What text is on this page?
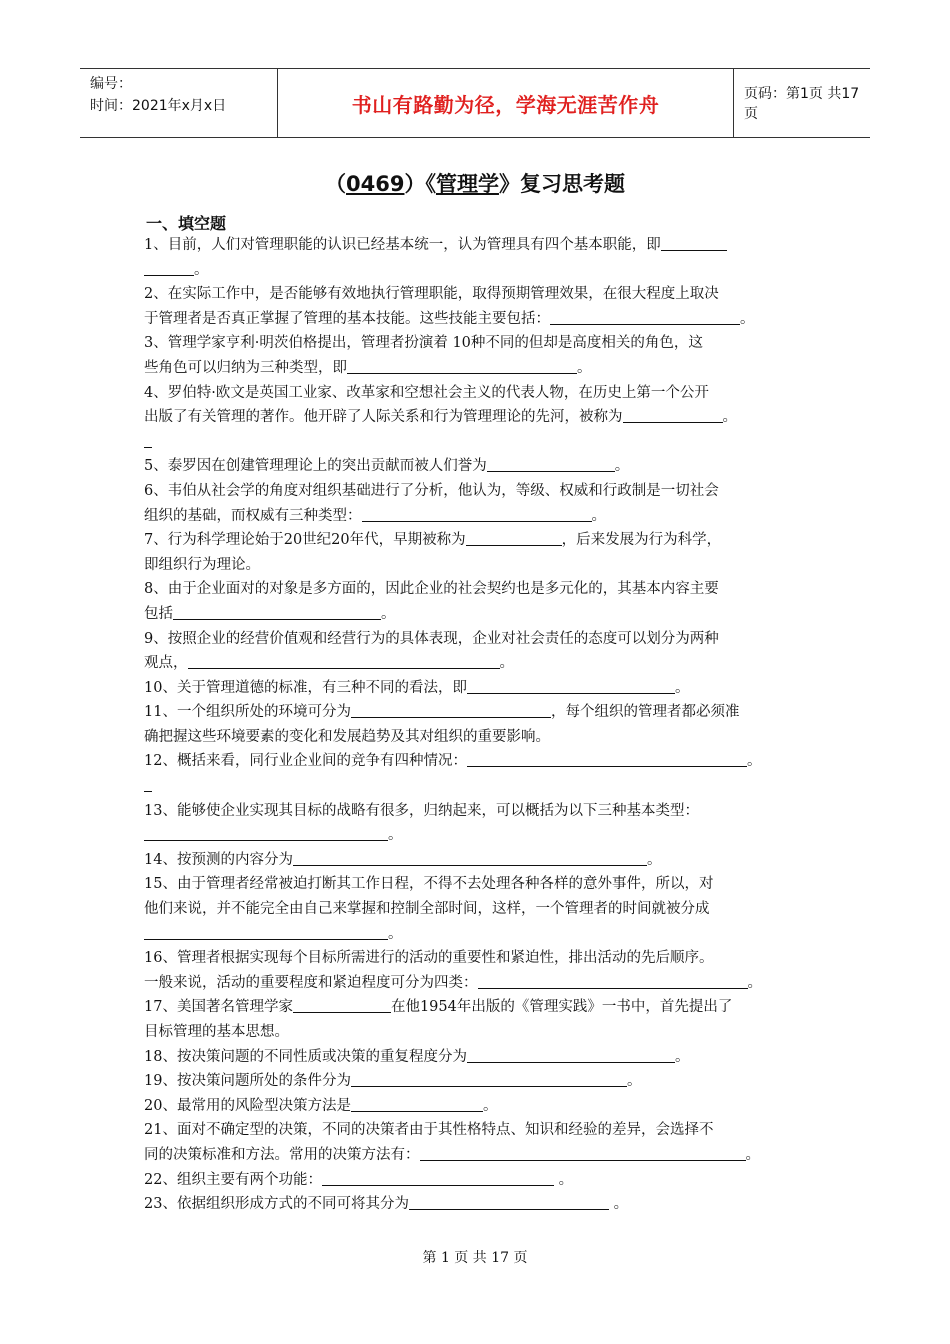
编号：
时间：2021年x月x日	书山有路勤为径，学海无涯苦作舟	页码：第1页 共17页
（0469）《管理学》复习思考题
一、填空题

1、目前，人们对管理职能的认识已经基本统一，认为管理具有四个基本职能，即

。

2、在实际工作中，是否能够有效地执行管理职能，取得预期管理效果，在很大程度上取决

于管理者是否真正掌握了管理的基本技能。这些技能主要包括：	。

3、管理学家亨利·明茨伯格提出，管理者扮演着 10种不同的但却是高度相关的角色，这

些角色可以归纳为三种类型，即	。

4、罗伯特·欧文是英国工业家、改革家和空想社会主义的代表人物，在历史上第一个公开

出版了有关管理的著作。他开辟了人际关系和行为管理理论的先河，被称为	。

5、泰罗因在创建管理理论上的突出贡献而被人们誉为	。

6、韦伯从社会学的角度对组织基础进行了分析，他认为，等级、权威和行政制是一切社会

组织的基础，而权威有三种类型：	。

7、行为科学理论始于20世纪20年代，早期被称为	，后来发展为行为科学，

即组织行为理论。

8、由于企业面对的对象是多方面的，因此企业的社会契约也是多元化的，其基本内容主要

包括	。

9、按照企业的经营价值观和经营行为的具体表现，企业对社会责任的态度可以划分为两种

观点，	。

10、关于管理道德的标准，有三种不同的看法，即	。

11、一个组织所处的环境可分为	，每个组织的管理者都必须准

确把握这些环境要素的变化和发展趋势及其对组织的重要影响。

12、概括来看，同行业企业间的竞争有四种情况：	。

13、能够使企业实现其目标的战略有很多，归纳起来，可以概括为以下三种基本类型：

。

14、按预测的内容分为	。

15、由于管理者经常被迫打断其工作日程，不得不去处理各种各样的意外事件，所以，对

他们来说，并不能完全由自己来掌握和控制全部时间，这样，一个管理者的时间就被分成

。

16、管理者根据实现每个目标所需进行的活动的重要性和紧迫性，排出活动的先后顺序。

一般来说，活动的重要程度和紧迫程度可分为四类：	。

17、美国著名管理学家	在他1954年出版的《管理实践》一书中，首先提出了

目标管理的基本思想。

18、按决策问题的不同性质或决策的重复程度分为	。

19、按决策问题所处的条件分为	。

20、最常用的风险型决策方法是	。

21、面对不确定型的决策，不同的决策者由于其性格特点、知识和经验的差异，会选择不

同的决策标准和方法。常用的决策方法有：	。

22、组织主要有两个功能：	。

23、依据组织形成方式的不同可将其分为	。

第 1 页 共 17 页
